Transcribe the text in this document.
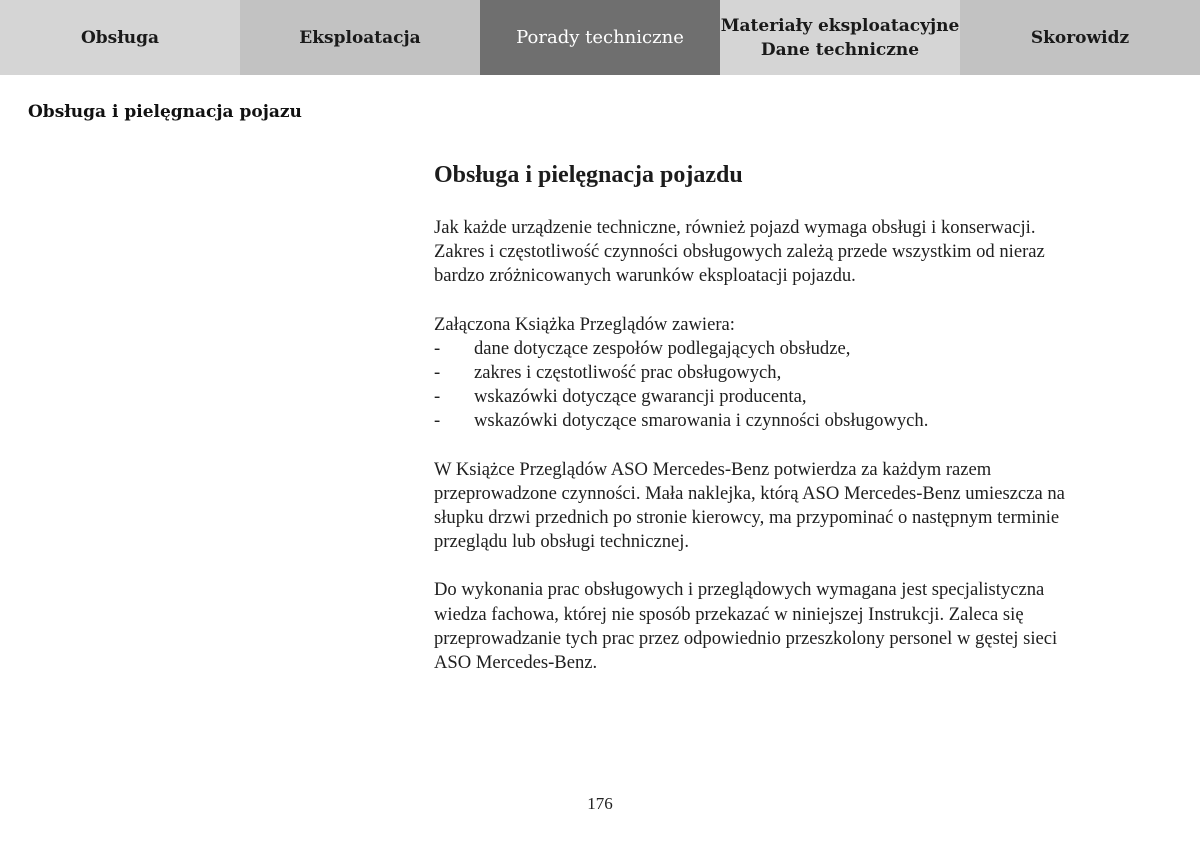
Obsługa	Eksploatacja	Porady techniczne
Materiały eksploatacyjne
Dane techniczne
Skorowidz
Obsługa i pielęgnacja pojazu
Obsługa i pielęgnacja pojazdu

Jak każde urządzenie techniczne, również pojazd wymaga obsługi i konserwacji. Zakres i częstotliwość czynności obsługowych zależą przede wszystkim od nieraz bardzo zróżnicowanych warunków eksploatacji pojazdu.

Załączona Książka Przeglądów zawiera:

- dane dotyczące zespołów podlegających obsłudze,
- zakres i częstotliwość prac obsługowych,
- wskazówki dotyczące gwarancji producenta,
- wskazówki dotyczące smarowania i czynności obsługowych.

W Książce Przeglądów ASO Mercedes-Benz potwierdza za każdym razem przeprowadzone czynności. Mała naklejka, którą ASO Mercedes-Benz umieszcza na słupku drzwi przednich po stronie kierowcy, ma przypominać o następnym terminie przeglądu lub obsługi technicznej.

Do wykonania prac obsługowych i przeglądowych wymagana jest specjalistyczna wiedza fachowa, której nie sposób przekazać w niniejszej Instrukcji. Zaleca się przeprowadzanie tych prac przez odpowiednio przeszkolony personel w gęstej sieci ASO Mercedes-Benz.

176
